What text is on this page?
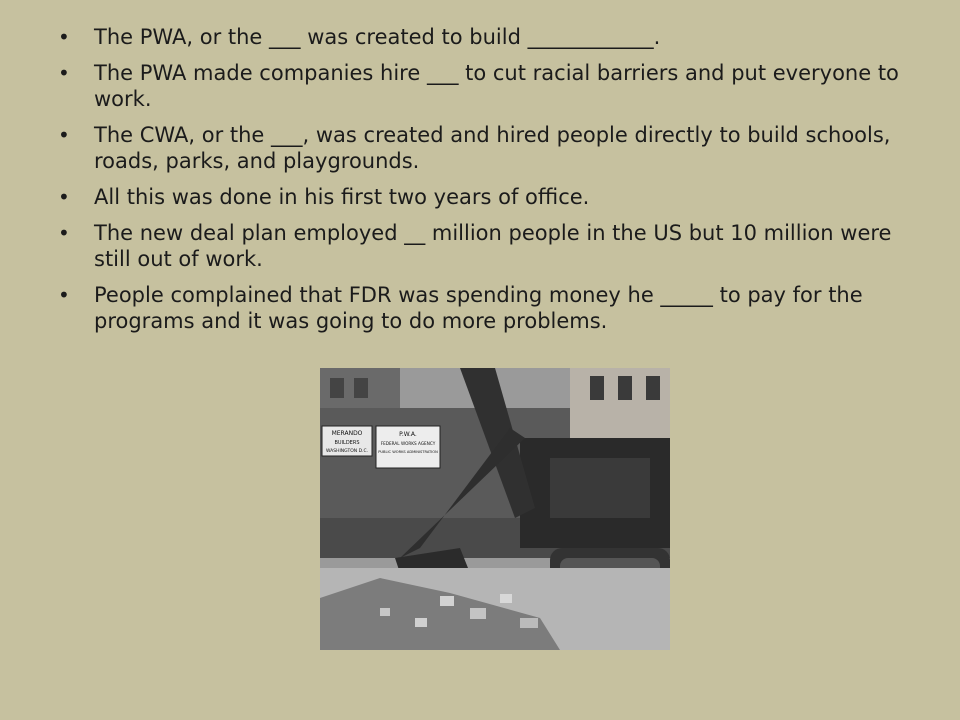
• The PWA, or the ___ was created to build ____________.
• The PWA made companies hire ___ to cut racial barriers and put everyone to work.
• The CWA, or the ___, was created and hired people directly to build schools, roads, parks, and playgrounds.
• All this was done in his first two years of office.
• The new deal plan employed __ million people in the US but 10 million were still out of work.
• People complained that FDR was spending money he _____ to pay for the programs and it was going to do more problems.
MERANDO
BUILDERS
WASHINGTON D.C.
P.W.A.
FEDERAL WORKS AGENCY
PUBLIC WORKS ADMINISTRATION
